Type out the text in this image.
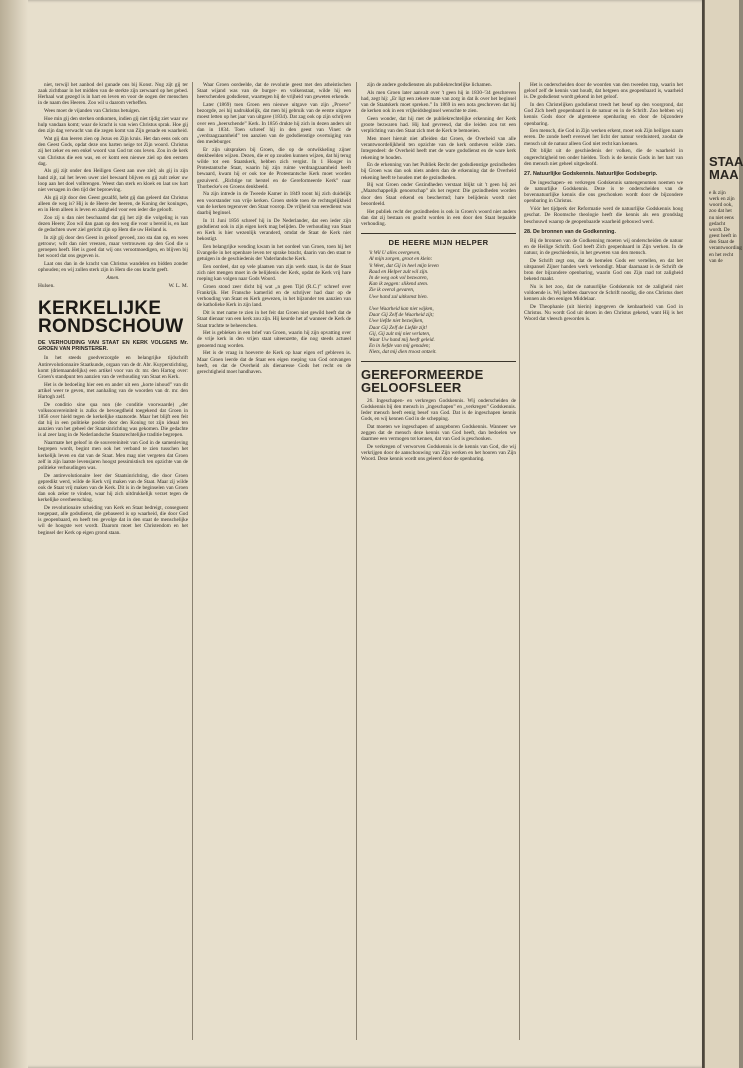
niet, terwijl het aanbod del gunade ons bij Konst. Nog zijt gij ter zaak zichtbaar in het midden van de sterkte zijn zerwaard op het gebed. Herhaal wat gezegd is in hart en leven en voor de oogen der menschen in de naam des Heeren. Zoo wil u daarom verheffen.

Wees moet de vijanden van Christus betuigen.

Hoe min gij den sterken ontkomen, indien gij niet tijdig ziet waar uw hulp vandaan komt; waar de kracht is van wien Christus sprak. Hoe gij den zijn dag verwacht van die zegen komt van Zijn genade en waarheid.

Wat gij dan leeren zien op Jezus en Zijn kruis. Het dan eens ook om den Geest Gods, opdat deze ons harten neige tot Zijn woord. Christus zij het zeker en een enkel woord van God tot ons leven. Zou in de kerk van Christus die een was, en er komt een nieuwe ziel op den eersten dag.

Als gij zijt onder den Heiligen Geest aan uwe ziel; als gij in zijn hand zijt, zal het leven uwer ziel bewaard blijven en gij zult zeker uw loop aan het doel volbrengen. Weest dan sterk en kloek en laat uw hart niet versagen in den tijd der beproeving.

Als gij zijt door den Geest gezalfd, hebt gij dan geleerd dat Christus alleen de weg is? Hij is de Heere der heeren, de Koning der koningen, en in Hem alleen is leven en zaligheid voor een ieder die gelooft.

Zoo zij u dan niet beschaamd dat gij het zijt die volgeling is van dezen Heere; Zoo wil dan gaan op den weg die voor u bereid is, en laat de gedachten uwer ziel gericht zijn op Hem die uw Heiland is.

In zijt gij door den Geest in geloof gevoed, zoo sta dan op, en wees getrouw; wilt dan niet vreezen, maar vertrouwen op den God die u geroepen heeft. Het is goed dat wij ons verootmoedigen, en blijven bij het woord dat ons gegeven is.

Laat ons dan in de kracht van Christus wandelen en bidden zonder ophouden; en wij zullen sterk zijn in Hem die ons kracht geeft.

Amen.
Hulsen.	W. L. M.
KERKELIJKE RONDSCHOUW
DE VERHOUDING VAN STAAT EN KERK VOLGENS Mr. GROEN VAN PRINSTERER.

In het steeds goedverzorgde en belangrijke tijdschrift Antirevolutionnaire Staatkunde, orgaan van de dr. Abr. Kuyperstichting, komt (driemaandelijks) een artikel voor van dr. mr. den Hartog over: Groen's standpunt ten aanzien van de verhouding van Staat en Kerk.

Het is de bedoeling hier een en ander uit een „korte inhoud” van dit artikel weer te geven, met aanhaling van de woorden van dr. mr. den Hartogh zelf.

De conditio sine qua non (de conditie voorwaarde) „der volkssouvereiniteit is zulks de bevoegdheid toegekend dat Groen in 1856 over hield tegen de kerkelijke staatsorde. Maar het blijft een feit dat hij in een politieke positie door den Koning tot zijn ideaal ten aanzien van het geheel der Staatsinrichting was gekomen. Die gedachte is al zeer lang in de Nederlandsche Staatsrechtelijke traditie begrepen.

Naarmate het geloof in de souvereiniteit van God in de samenleving begrepen wordt, begint men ook het verband te zien tusschen het kerkelijk leven en dat van de Staat. Men mag niet vergeten dat Groen zelf in zijn laatste levensjaren hoogst pessimistisch ten opzichte van de politieke verhoudingen was.

De antirevolutionaire leer der Staatsinrichting, die door Groen gepredikt werd, wilde de Kerk vrij maken van de Staat. Maar zij wilde ook de Staat vrij maken van de Kerk. Dit is in de beginselen van Groen dan ook zeker te vinden, waar hij zich uitdrukkelijk verzet tegen de kerkelijke overheersching.

De revolutionaire scheiding van Kerk en Staat bedreigt, conseguent toegepast, alle godsdienst, die gebaseerd is op waarheid, die door God is geopenbaard, en heeft ten gevolge dat in den staat de menschelijke wil de hoogste wet wordt. Daarom moet het Christendom en het beginsel der Kerk op eigen grond staan.

Waar Groen oordeelde, dat de revolutie geest met den atheistischen Staat wijand was van de burger- en volkenstaat, wilde hij een heerschenden godsdienst, waartegen hij de vrijheid van geweten erkende.

Later (1869) toen Groen een nieuwe uitgave van zijn „Proeve” bezorgde, zei hij nadrukkelijk, dat men bij gebruik van de eerste uitgave moest letten op het jaar van uitgave (1834). Dat zag ook op zijn schrijven over een „heerschende” Kerk. In 1856 drukte hij zich in dezen anders uit dan in 1834. Toen schreef hij in den geest van Vinet: de „verdraagzaamheid” ten aanzien van de godsdienstige overtuiging van den medeburger.

Er zijn uitspraken bij Groen, die op de ontwikkeling zijner denkbeelden wijzen. Dezen, die er op zouden kunnen wijzen, dat hij terug wilde tot een Staatskerk, hebben zich vergist. In 1 Hooger in Protestantsche Staat, waarin hij zijn ruime verdraagzaamheid heeft bewaard, kwam hij er ook toe de Protestantsche Kerk moet worden gezuiverd. „Richtige tot herstel en de Gereformeerde Kerk” naar Thorbecke's en Groens denkbeeld.

Na zijn intrede in de Tweede Kamer in 1849 toont hij zich duidelijk een voorstander van vrije kerken. Groen stelde toen de rechtsgelijkheid van de kerken tegenover den Staat voorop. De vrijheid van eeredienst was daarbij beginsel.

In 11 Juni 1856 schreef hij in De Nederlander, dat een ieder zijn godsdienst ook in zijn eigen kerk mag belijden. De verhouding van Staat en Kerk is hier wezenlijk veranderd, omdat de Staat de Kerk niet bekostigt.

Een belangrijke wending kwam in het oordeel van Groen, toen hij het Evangelie in het openbare leven ter sprake bracht, daarin van den staat te getuigen in de geschiedenis der Vaderlandsche Kerk.

Een oordeel, dat op vele plaatsen van zijn werk staat, is dat de Staat zich niet mengen moet in de belijdenis der Kerk, opdat de Kerk vrij hare roeping kan volgen naar Gods Woord.

Groen stond zeer dicht bij wat „n geen Tijd (R.C.)” schreef over Frankrijk. Het Fransche kamerlid en de schrijver had daar op de verhouding van Staat en Kerk gewezen, in het bijzonder ten aanzien van de katholieke Kerk in zijn land.

Dit is met name te zien in het feit dat Groen niet gewild heeft dat de Staat dienaar van een kerk zou zijn. Hij keurde het af wanneer de Kerk de Staat trachtte te beheerschen.

Het is gebleken in een brief van Groen, waarin hij zijn opvatting over de vrije kerk in den vrijen staat uiteenzette, die nog steeds actueel genoemd mag worden.

Het is de vraag in hoeverre de Kerk op haar eigen erf gebleven is. Maar Groen leerde dat de Staat een eigen roeping van God ontvangen heeft, en dat de Overheid als dienaresse Gods het recht en de gerechtigheid moet handhaven.

zijn de andere godsdiensten als publiekrechtelijke lichamen.

Als men Groen later aanvalt over 't geen hij in 1830–'34 geschreven had, zegt hij: „Er ligt een zekere mate van zorg in dat ik over het beginsel van de Staatskerk moet spreken.” In 1869 in een nota geschreven dat hij de kerken ook in een vrijheidsbeginsel wenschte te zien.

Geen wonder, dat hij met de publiekrechtelijke erkenning der Kerk groote bezwaren had. Hij had gevreesd, dat die leiden zou tot een verplichting van den Staat zich met de Kerk te bemoeien.

Men moet hieruit niet afleiden dat Groen, de Overheid van alle verantwoordelijkheid ten opzichte van de kerk ontheven wilde zien. Integendeel: de Overheid heeft met de ware godsdienst en de ware kerk rekening te houden.

En de erkenning van het Publiek Recht der godsdienstige gezindheden bij Groen was dan ook niets anders dan de erkenning dat de Overheid rekening heeft te houden met de gezindheden.

Bij wat Groen onder Gezindheden verstaat blijkt uit 't geen hij zei „Maatschappelijk genootschap” als het regent: Die gezindheden worden door den Staat erkend en beschermd; hare belijdenis wordt niet beoordeeld.

Het publiek recht der gezindheden is ook in Groen's woord niet anders dan dat zij bestaan en geacht worden in een door den Staat bepaalde verhouding.

DE HEERE MIJN HELPER
'k Wil U alles overgeven,
Al mijn zorgen, groot en klein:
'k Weet, dat Gij in heel mijn leven
Raad en Helper zult wil zijn.
In de weg ook vol bezwaren,
Kan ik zeggen: slikend stem.
Zie ik overal gevaren,
Uwe hand zal uitkomst bien.

Uwe Waarheid kan niet wijken,
Daar Gij Zelf de Waarheid zijt;
Uwe liefde niet bezwijken,
Daar Gij Zelf de Liefde zijt!
Gij, Gij zult mij niet verlaten,
Waar Uw hand mij heeft geleid.
En in liefde van mij genaden;
Niets, dat mij dien troost ontzeit.
GEREFORMEERDE GELOOFSLEER

26. Ingeschapen- en verkregen Godskennis. Wij onderscheiden de Godskennis bij den mensch in „ingeschapen” en „verkregen” Godskennis. Ieder mensch heeft eenig besef van God. Dat is de ingeschapen kennis Gods, en wij kennen God in de schepping.

Dat moeten we ingeschapen of aangeboren Godskennis. Wanneer we zeggen dat de mensch deze kennis van God heeft, dan bedoelen we daarmee een vermogen tot kennen, dat van God is geschonken.

De verkregen of verworven Godskennis is de kennis van God, die wij verkrijgen door de aanschouwing van Zijn werken en het hooren van Zijn Woord. Deze kennis wordt ons geleerd door de openbaring.

Het is onderscheiden door de woorden van den tweeden trap, waarin het geloof zelf de kennis vast houdt, dat hetgeen ons geopenbaard is, waarheid is. De godsdienst wordt gekend in het geloof.

In den Christelijken godsdienst treedt het besef op den voorgrond, dat God Zich heeft geopenbaard in de natuur en in de Schrift. Zoo hebben wij kennis Gods door de algemeene openbaring en door de bijzondere openbaring.

Een mensch, die God in Zijn werken erkent, moet ook Zijn heiligen naam eeren. De zonde heeft evenwel het licht der natuur verduisterd, zoodat de mensch uit de natuur alleen God niet recht kan kennen.

Dit blijkt uit de geschiedenis der volken, die de waarheid in ongerechtigheid ten onder hielden. Toch is de kennis Gods in het hart van den mensch niet geheel uitgedoofd.

27. Natuurlijke Godskennis. Natuurlijke Godsbegrip.

De ingeschapen- en verkregen Godskennis samengenomen noemen we de natuurlijke Godskennis. Deze is te onderscheiden van de bovennatuurlijke kennis die ons geschonken wordt door de bijzondere openbaring in Christus.

Vóór het tijdperk der Reformatie werd de natuurlijke Godskennis hoog geschat. De Roomsche theologie heeft die kennis als een grondslag beschouwd waarop de geopenbaarde waarheid gebouwd werd.

28. De bronnen van de Godkenning.

Bij de bronnen van de Godkenning moeten wij onderscheiden de natuur en de Heilige Schrift. God heeft Zich geopenbaard in Zijn werken. In de natuur, in de geschiedenis, in het geweten van den mensch.

De Schrift zegt ons, dat de hemelen Gods eer vertellen, en dat het uitspansel Zijner handen werk verkondigt. Maar daarnaast is de Schrift de bron der bijzondere openbaring, waarin God ons Zijn raad tot zaligheid bekend maakt.

Nu is het zoo, dat de natuurlijke Godskennis tot de zaligheid niet voldoende is. Wij hebben daarvoor de Schrift noodig, die ons Christus doet kennen als den eenigen Middelaar.

De Theophanie (uit hierin) ingegeven de kenbaarheid van God in Christus. Nu wordt God uit dezen in den Christus gekend, want Hij is het Woord dat vleesch geworden is.

STAA MAA
e ik zijn werk en zijn woord ook, zoo dat het nu niet eens gedacht wordt. De geest heeft in den Staat de verantwoording en het recht van de
